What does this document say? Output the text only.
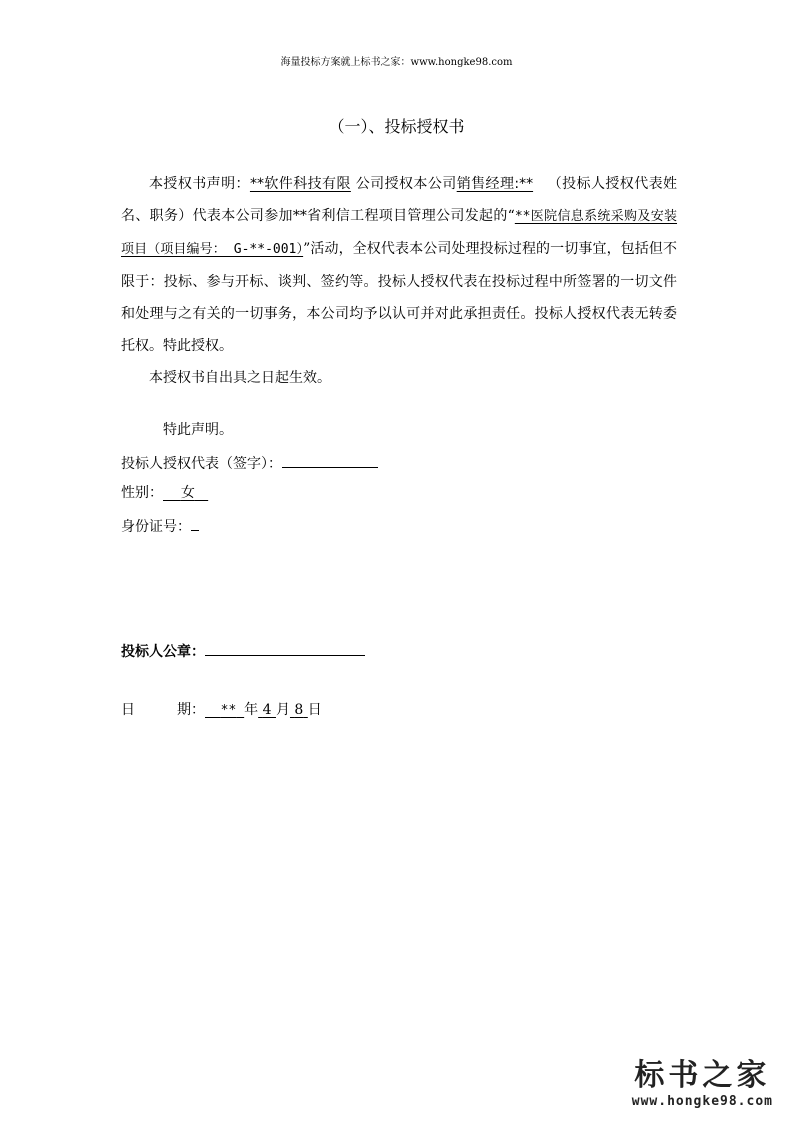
海量投标方案就上标书之家：www.hongke98.com
（一）、投标授权书

本授权书声明：**软件科技有限 公司授权本公司销售经理:** （投标人授权代表姓名、职务）代表本公司参加**省利信工程项目管理公司发起的“**医院信息系统采购及安装项目（项目编号： G-**-001）”活动，全权代表本公司处理投标过程的一切事宜，包括但不限于：投标、参与开标、谈判、签约等。投标人授权代表在投标过程中所签署的一切文件和处理与之有关的一切事务，本公司均予以认可并对此承担责任。投标人授权代表无转委托权。特此授权。

本授权书自出具之日起生效。

特此声明。
投标人授权代表（签字）：
性别： 女
身份证号：
投标人公章：
日	期： ** 年 4 月 8 日
标书之家
www.hongke98.com
